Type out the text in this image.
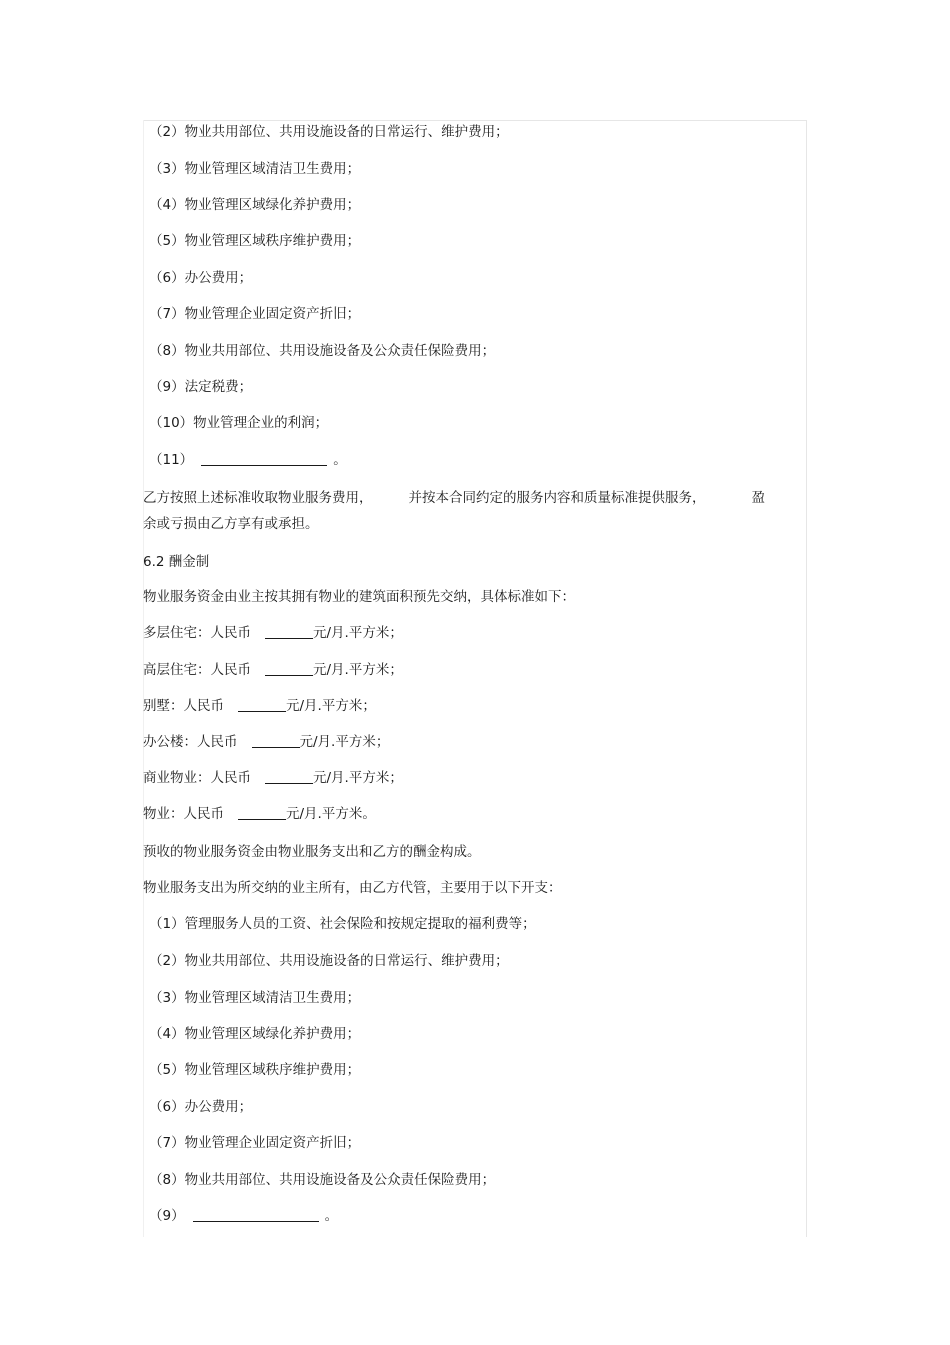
（2）物业共用部位、共用设施设备的日常运行、维护费用；
（3）物业管理区域清洁卫生费用；
（4）物业管理区域绿化养护费用；
（5）物业管理区域秩序维护费用；
（6）办公费用；
（7）物业管理企业固定资产折旧；
（8）物业共用部位、共用设施设备及公众责任保险费用；
（9）法定税费；
（10）物业管理企业的利润；
（11）	。
乙方按照上述标准收取物业服务费用，	并按本合同约定的服务内容和质量标准提供服务，	盈
余或亏损由乙方享有或承担。
6.2 酬金制
物业服务资金由业主按其拥有物业的建筑面积预先交纳，具体标准如下：
多层住宅：人民币	元/月.平方米；
高层住宅：人民币	元/月.平方米；
别墅：人民币	元/月.平方米；
办公楼：人民币	元/月.平方米；
商业物业：人民币	元/月.平方米；
物业：人民币	元/月.平方米。
预收的物业服务资金由物业服务支出和乙方的酬金构成。
物业服务支出为所交纳的业主所有，由乙方代管，主要用于以下开支：
（1）管理服务人员的工资、社会保险和按规定提取的福利费等；
（2）物业共用部位、共用设施设备的日常运行、维护费用；
（3）物业管理区域清洁卫生费用；
（4）物业管理区域绿化养护费用；
（5）物业管理区域秩序维护费用；
（6）办公费用；
（7）物业管理企业固定资产折旧；
（8）物业共用部位、共用设施设备及公众责任保险费用；
（9）	。
